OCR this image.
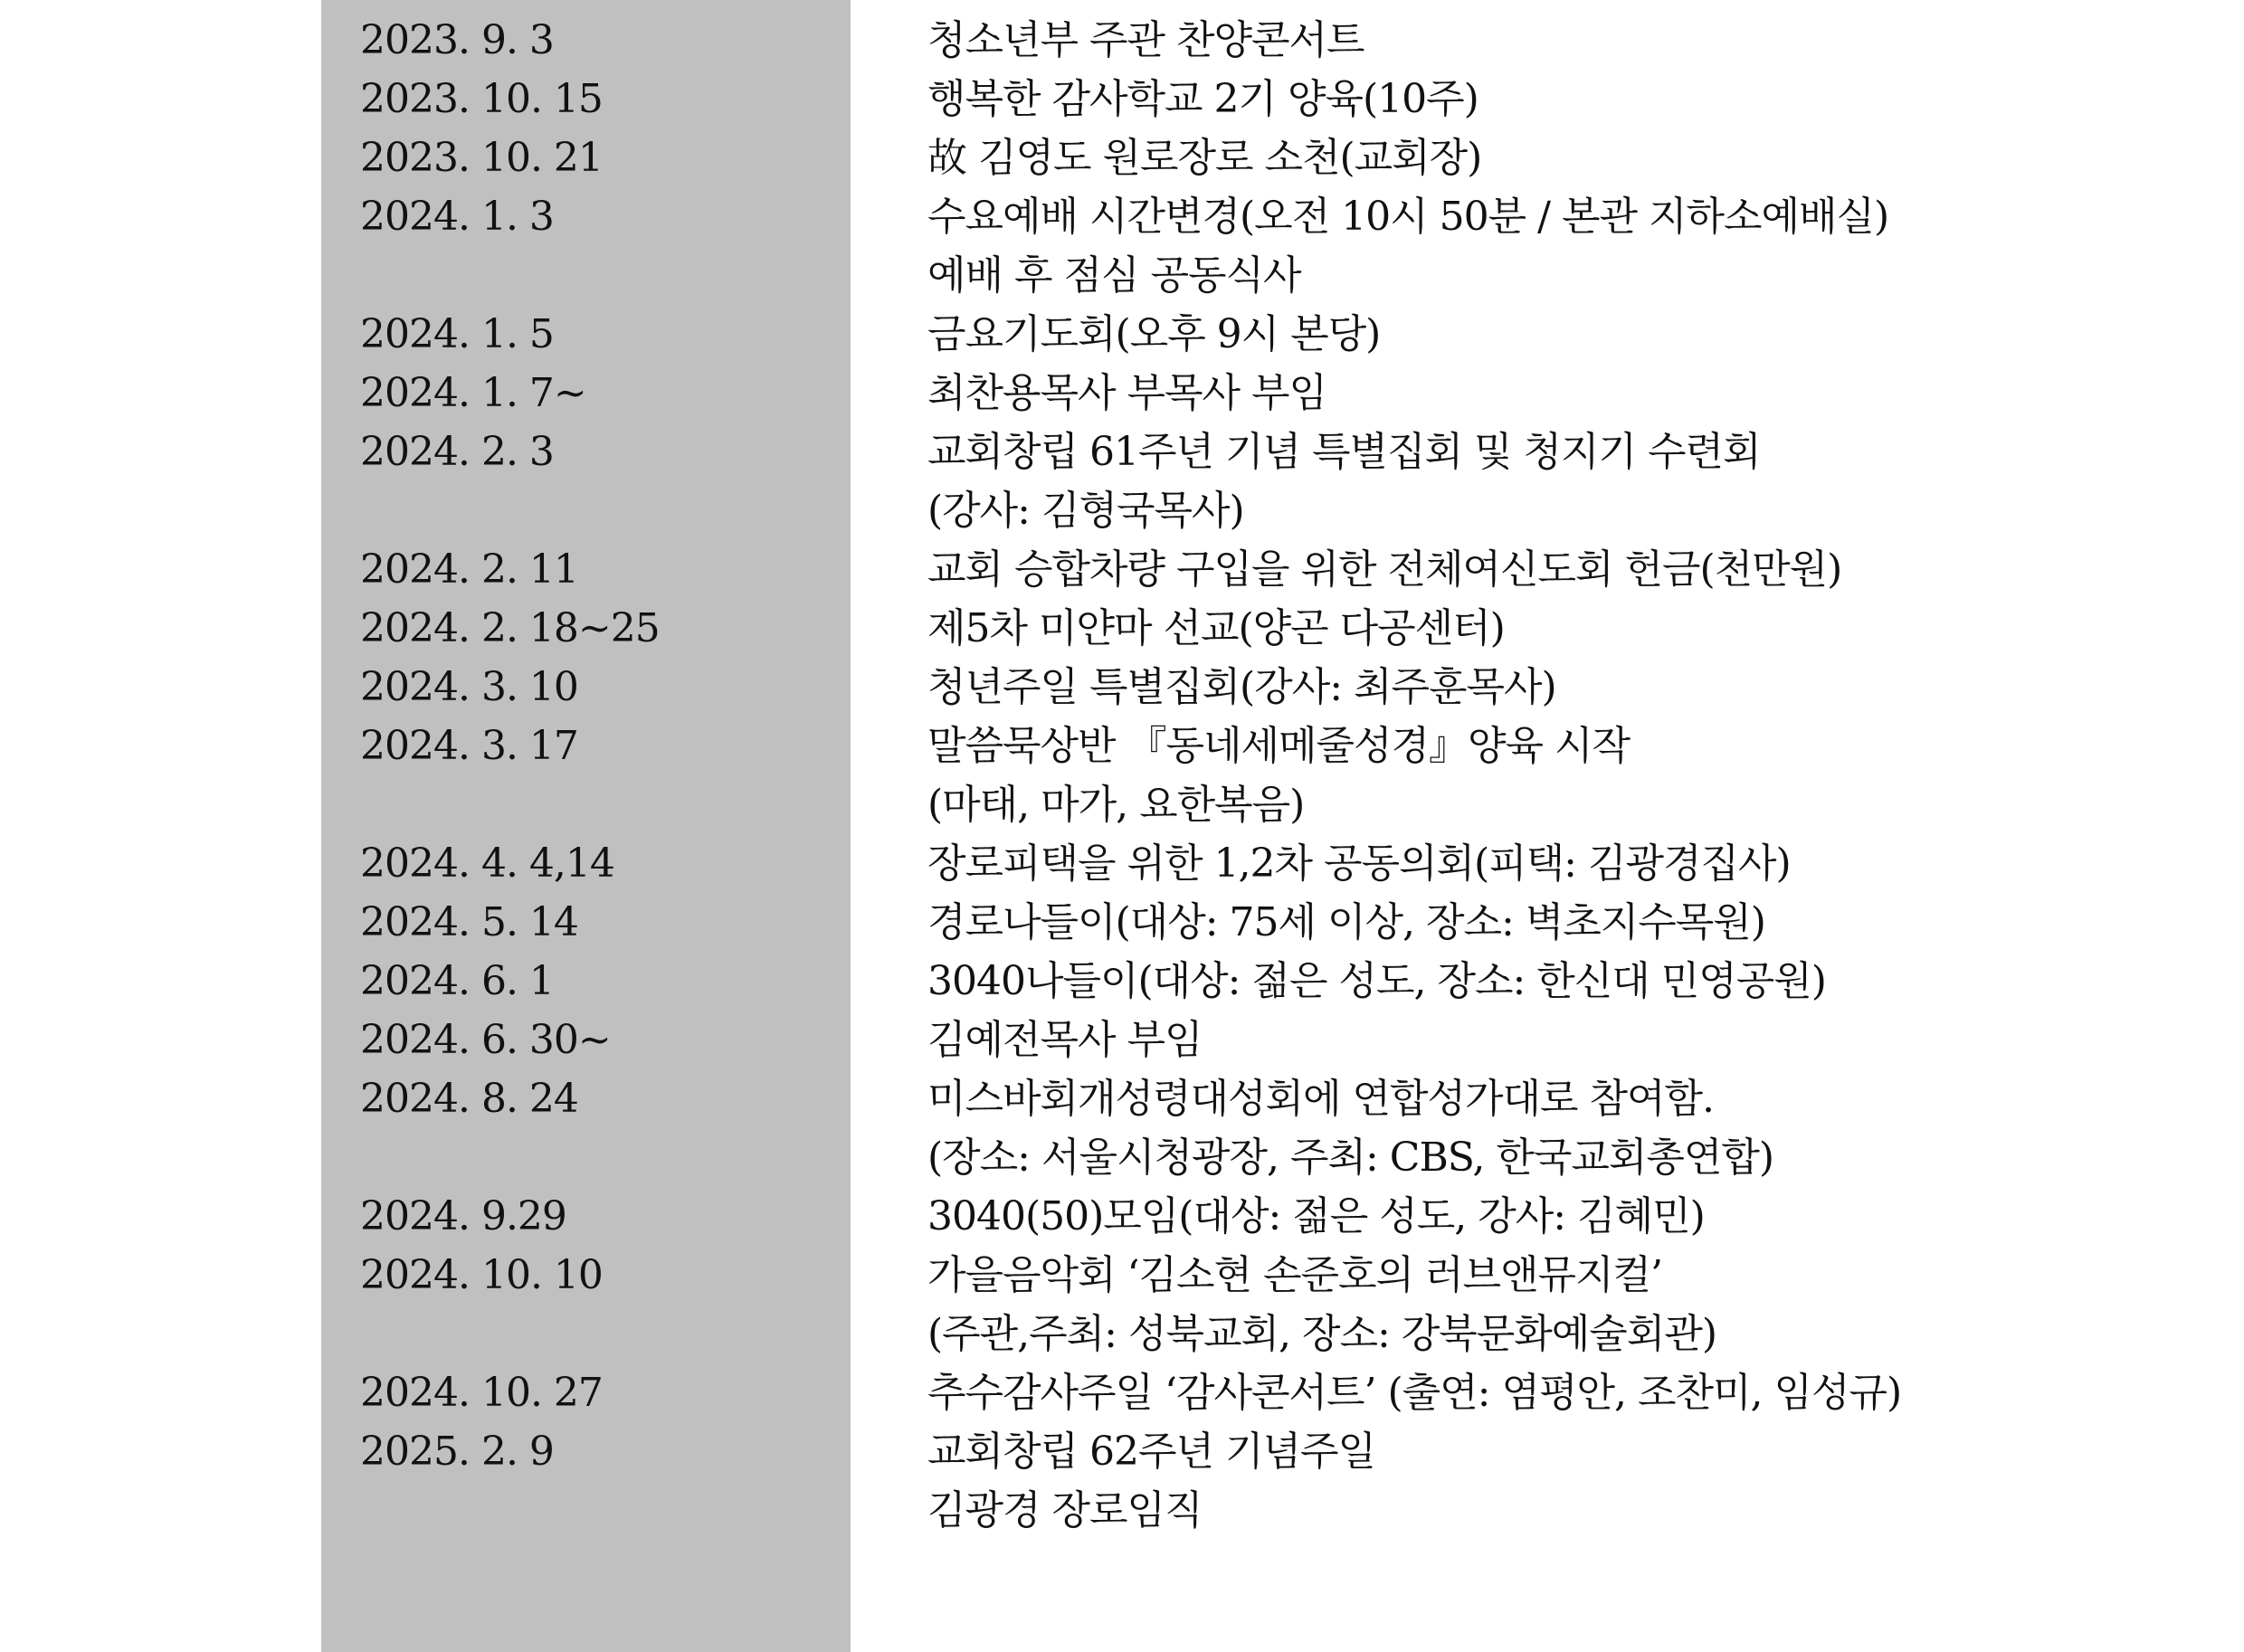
2023. 9. 3	청소년부 주관 찬양콘서트
2023. 10. 15	행복한 감사학교 2기 양육(10주)
2023. 10. 21	故 김영도 원로장로 소천(교회장)
2024. 1. 3	수요예배 시간변경(오전 10시 50분 / 본관 지하소예배실)
예배 후 점심 공동식사
2024. 1. 5	금요기도회(오후 9시 본당)
2024. 1. 7~	최찬용목사 부목사 부임
2024. 2. 3	교회창립 61주년 기념 특별집회 및 청지기 수련회
(강사: 김형국목사)
2024. 2. 11	교회 승합차량 구입을 위한 전체여신도회 헌금(천만원)
2024. 2. 18~25	제5차 미얀마 선교(양곤 다공센터)
2024. 3. 10	청년주일 특별집회(강사: 최주훈목사)
2024. 3. 17	말씀묵상반 『동네세메줄성경』양육 시작
(마태, 마가, 요한복음)
2024. 4. 4,14	장로피택을 위한 1,2차 공동의회(피택: 김광경집사)
2024. 5. 14	경로나들이(대상: 75세 이상, 장소: 벽초지수목원)
2024. 6. 1	3040나들이(대상: 젊은 성도, 장소: 한신대 민영공원)
2024. 6. 30~	김예전목사 부임
2024. 8. 24	미스바회개성령대성회에 연합성가대로 참여함.
(장소: 서울시청광장, 주최: CBS, 한국교회총연합)
2024. 9.29	3040(50)모임(대상: 젊은 성도, 강사: 김혜민)
2024. 10. 10	가을음악회 ‘김소현 손준호의 러브앤뮤지컬’
(주관,주최: 성북교회, 장소: 강북문화예술회관)
2024. 10. 27	추수감사주일 ‘감사콘서트’ (출연: 염평안, 조찬미, 임성규)
2025. 2. 9	교회창립 62주년 기념주일
김광경 장로임직
